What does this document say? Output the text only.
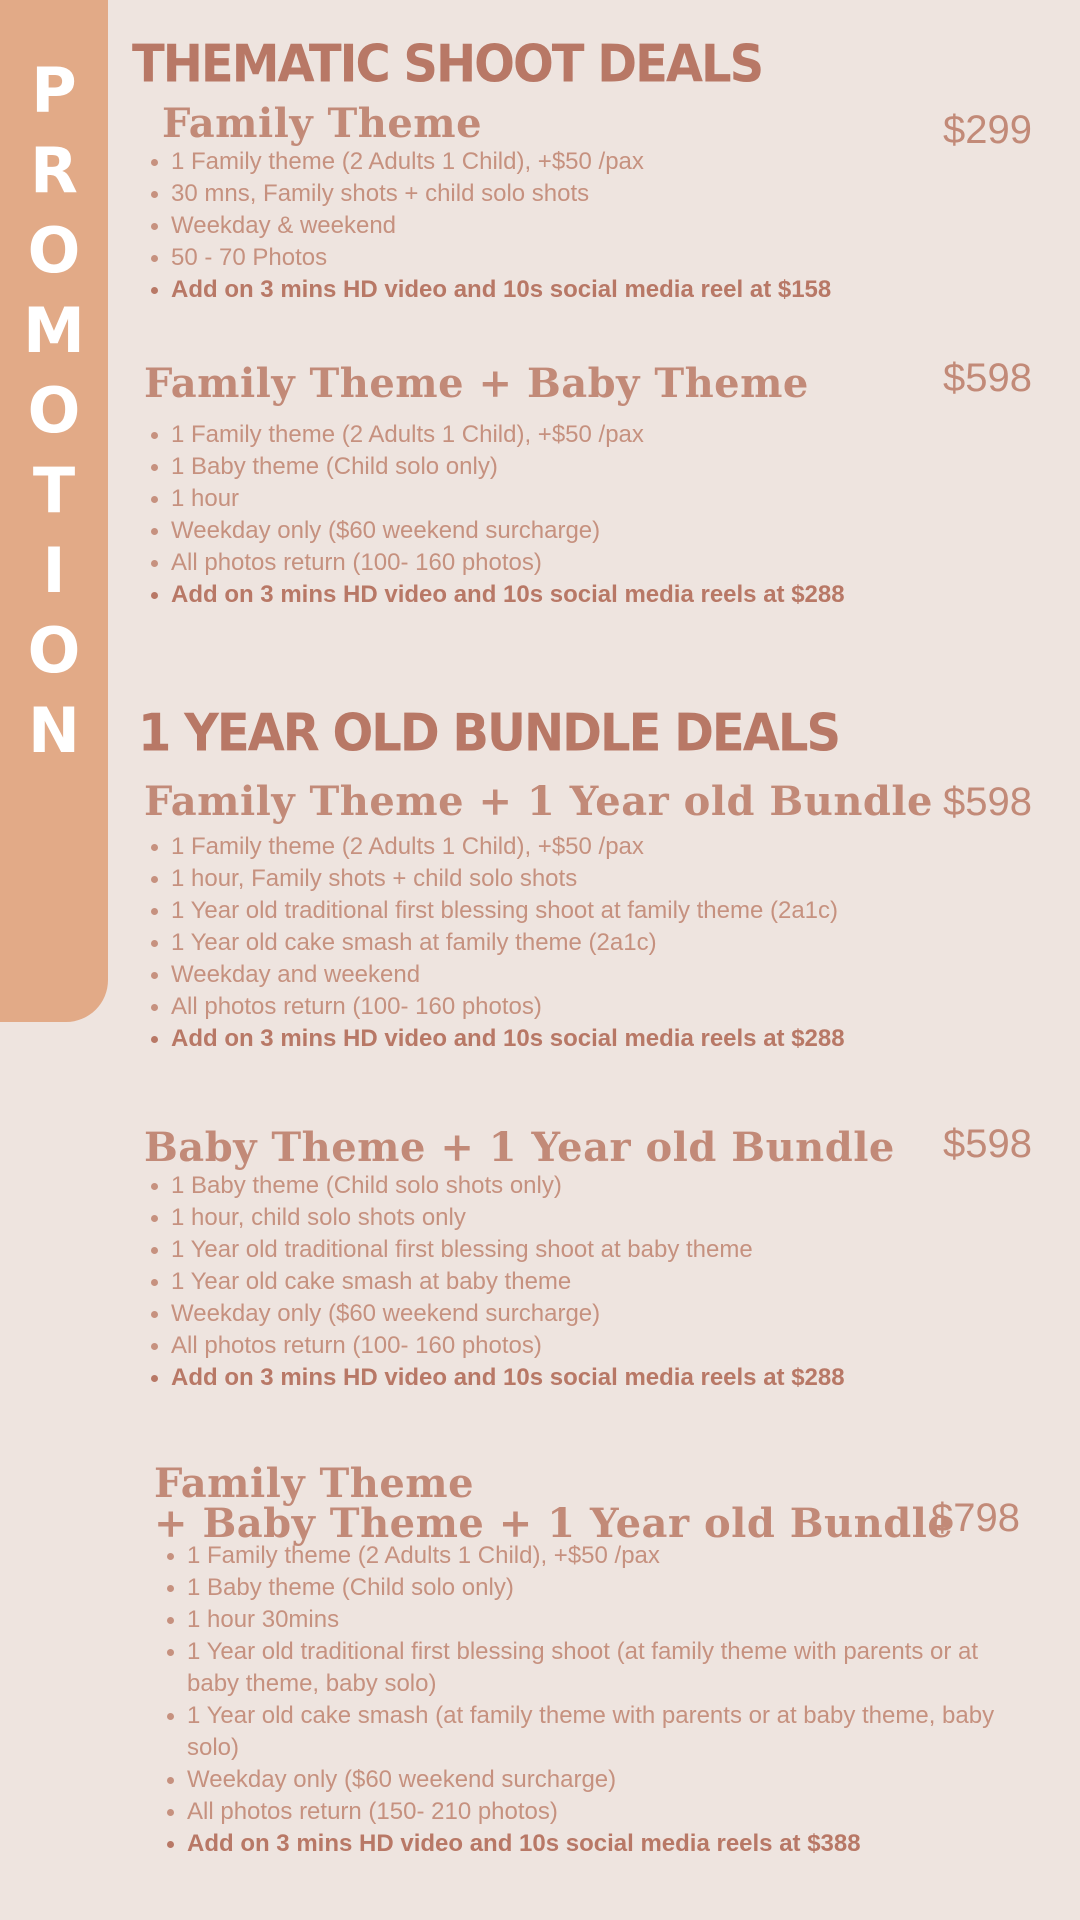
P
R
O
M
O
T
I
O
N
THEMATIC SHOOT DEALS
Family Theme	$299
1 Family theme (2 Adults 1 Child), +$50 /pax
30 mns, Family shots + child solo shots
Weekday & weekend
50 - 70 Photos
Add on 3 mins HD video and 10s social media reel at $158
Family Theme + Baby Theme	$598
1 Family theme (2 Adults 1 Child), +$50 /pax
1 Baby theme (Child solo only)
1 hour
Weekday only ($60 weekend surcharge)
All photos return (100- 160 photos)
Add on 3 mins HD video and 10s social media reels at $288
1 YEAR OLD BUNDLE DEALS
Family Theme + 1 Year old Bundle $598
1 Family theme (2 Adults 1 Child), +$50 /pax
1 hour, Family shots + child solo shots
1 Year old traditional first blessing shoot at family theme (2a1c)
1 Year old cake smash at family theme (2a1c)
Weekday and weekend
All photos return (100- 160 photos)
Add on 3 mins HD video and 10s social media reels at $288
Baby Theme + 1 Year old Bundle $598
1 Baby theme (Child solo shots only)
1 hour, child solo shots only
1 Year old traditional first blessing shoot at baby theme
1 Year old cake smash at baby theme
Weekday only ($60 weekend surcharge)
All photos return (100- 160 photos)
Add on 3 mins HD video and 10s social media reels at $288
Family Theme
+ Baby Theme + 1 Year old Bundle
$798
1 Family theme (2 Adults 1 Child), +$50 /pax
1 Baby theme (Child solo only)
1 hour 30mins
1 Year old traditional first blessing shoot (at family theme with parents or at baby theme, baby solo)
1 Year old cake smash (at family theme with parents or at baby theme, baby solo)
Weekday only ($60 weekend surcharge)
All photos return (150- 210 photos)
Add on 3 mins HD video and 10s social media reels at $388
